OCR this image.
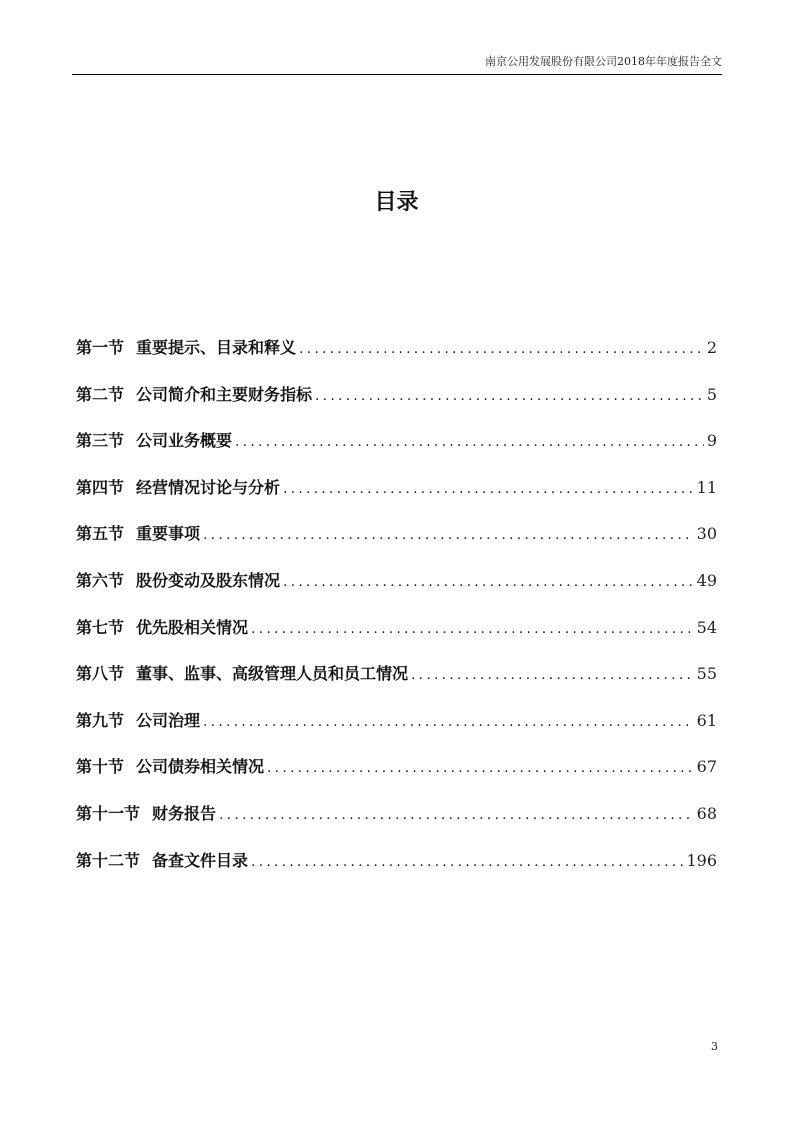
南京公用发展股份有限公司2018年年度报告全文
目录
第一节 重要提示、目录和释义 .....	2
第二节 公司简介和主要财务指标 .....	5
第三节 公司业务概要 .....	9
第四节 经营情况讨论与分析 .....	11
第五节 重要事项 .....	30
第六节 股份变动及股东情况 .....	49
第七节 优先股相关情况 .....	54
第八节 董事、监事、高级管理人员和员工情况 .....	55
第九节 公司治理 .....	61
第十节 公司债券相关情况 .....	67
第十一节 财务报告 .....	68
第十二节 备查文件目录 .....	196
3
